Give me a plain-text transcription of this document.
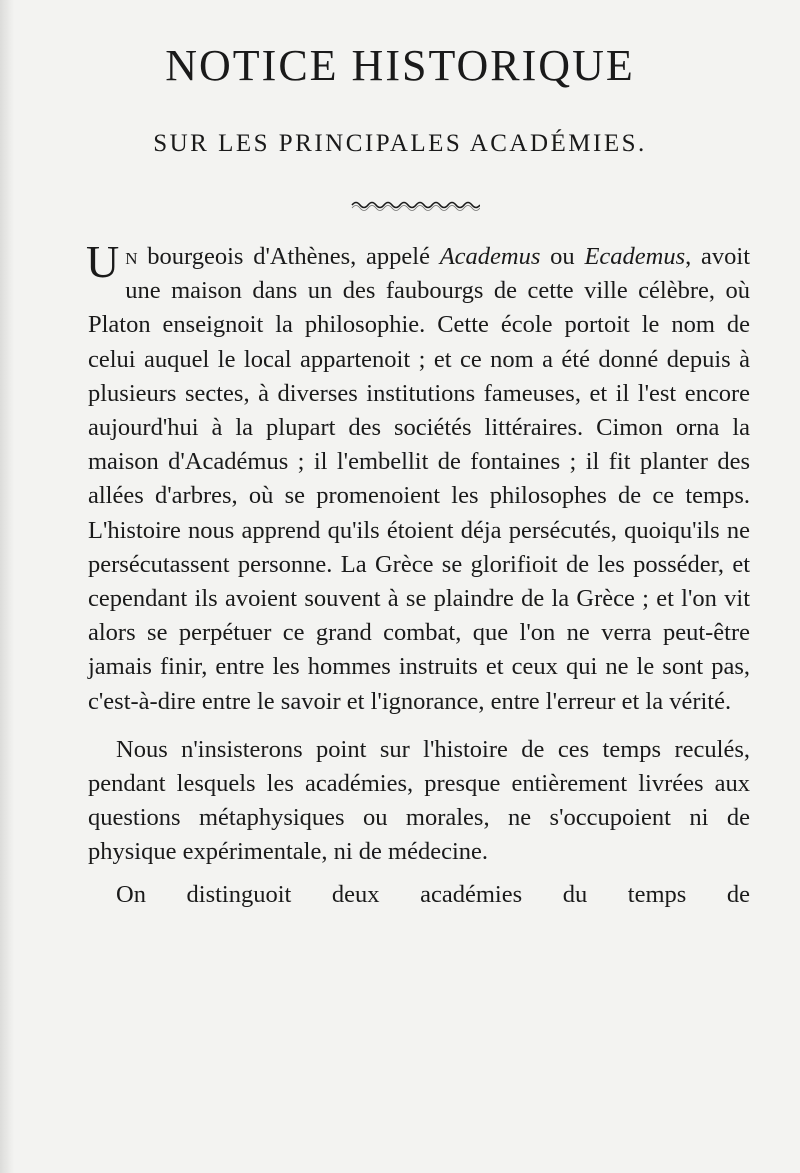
NOTICE HISTORIQUE
SUR LES PRINCIPALES ACADÉMIES.

Un bourgeois d'Athènes, appelé Academus ou Ecademus, avoit une maison dans un des faubourgs de cette ville célèbre, où Platon enseignoit la philosophie. Cette école portoit le nom de celui auquel le local appartenoit ; et ce nom a été donné depuis à plusieurs sectes, à diverses institutions fameuses, et il l'est encore aujourd'hui à la plupart des sociétés littéraires. Cimon orna la maison d'Académus ; il l'embellit de fontaines ; il fit planter des allées d'arbres, où se promenoient les philosophes de ce temps. L'histoire nous apprend qu'ils étoient déja persécutés, quoiqu'ils ne persécutassent personne. La Grèce se glorifioit de les posséder, et cependant ils avoient souvent à se plaindre de la Grèce ; et l'on vit alors se perpétuer ce grand combat, que l'on ne verra peut-être jamais finir, entre les hommes instruits et ceux qui ne le sont pas, c'est-à-dire entre le savoir et l'ignorance, entre l'erreur et la vérité.

Nous n'insisterons point sur l'histoire de ces temps reculés, pendant lesquels les académies, presque entièrement livrées aux questions métaphysiques ou morales, ne s'occupoient ni de physique expérimentale, ni de médecine.

On distinguoit deux académies du temps de
